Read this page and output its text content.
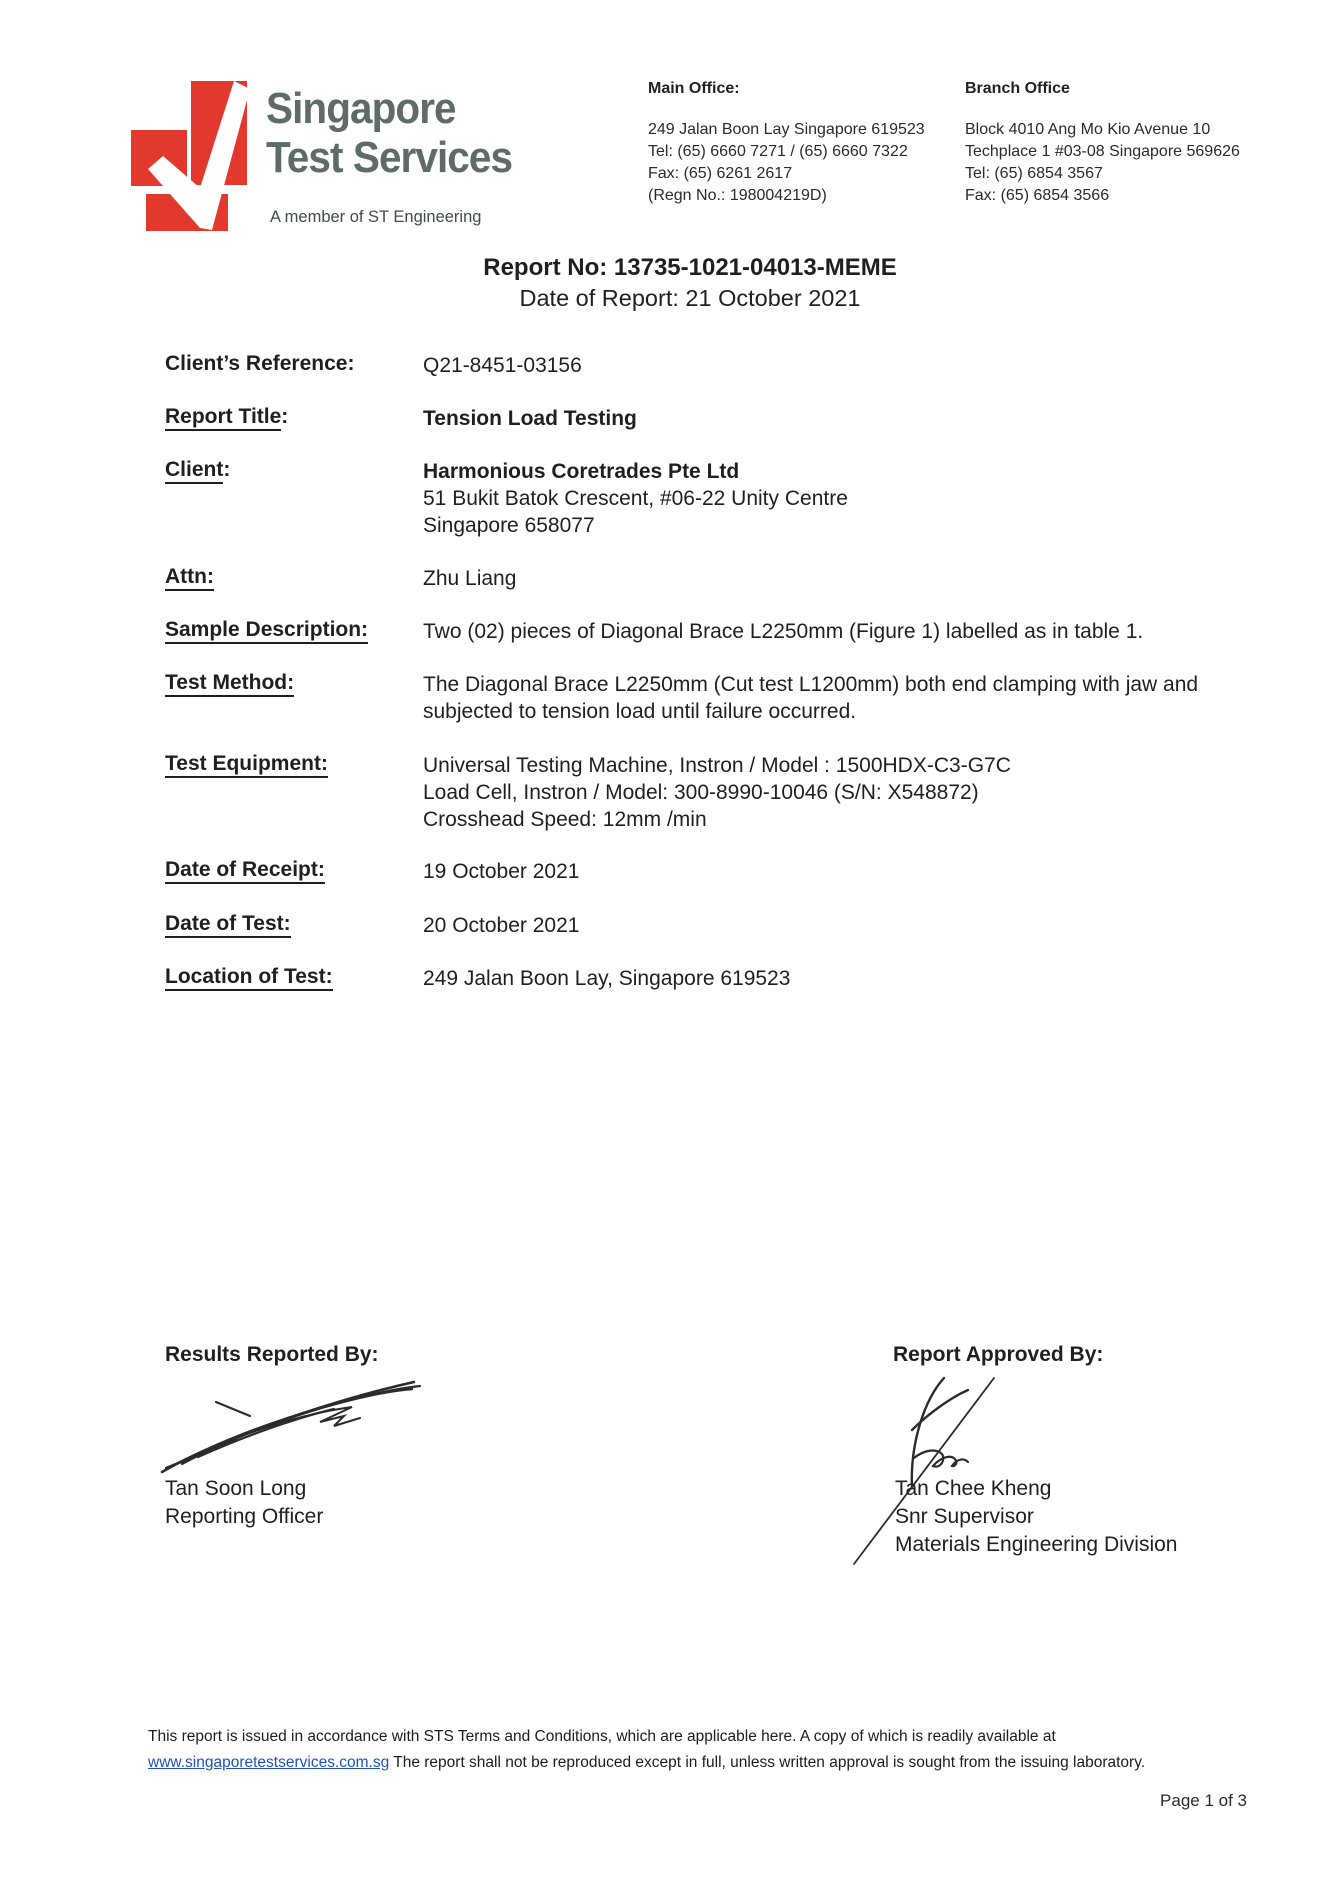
Singapore
Test Services
A member of ST Engineering
Main Office:
249 Jalan Boon Lay Singapore 619523
Tel: (65) 6660 7271 / (65) 6660 7322
Fax: (65) 6261 2617
(Regn No.: 198004219D)
Branch Office
Block 4010 Ang Mo Kio Avenue 10
Techplace 1 #03-08 Singapore 569626
Tel: (65) 6854 3567
Fax: (65) 6854 3566
Report No: 13735-1021-04013-MEME
Date of Report: 21 October 2021
Client’s Reference:	Q21-8451-03156
Report Title:	Tension Load Testing
Client:	Harmonious Coretrades Pte Ltd
51 Bukit Batok Crescent, #06-22 Unity Centre
Singapore 658077
Attn:	Zhu Liang
Sample Description:	Two (02) pieces of Diagonal Brace L2250mm (Figure 1) labelled as in table 1.
Test Method:	The Diagonal Brace L2250mm (Cut test L1200mm) both end clamping with jaw and
subjected to tension load until failure occurred.
Test Equipment:	Universal Testing Machine, Instron / Model : 1500HDX-C3-G7C
Load Cell, Instron / Model: 300-8990-10046 (S/N: X548872)
Crosshead Speed: 12mm /min
Date of Receipt:	19 October 2021
Date of Test:	20 October 2021
Location of Test:	249 Jalan Boon Lay, Singapore 619523
Results Reported By:
Tan Soon Long
Reporting Officer
Report Approved By:
Tan Chee Kheng
Snr Supervisor
Materials Engineering Division
This report is issued in accordance with STS Terms and Conditions, which are applicable here. A copy of which is readily available at
www.singaporetestservices.com.sg The report shall not be reproduced except in full, unless written approval is sought from the issuing laboratory.
Page 1 of 3
